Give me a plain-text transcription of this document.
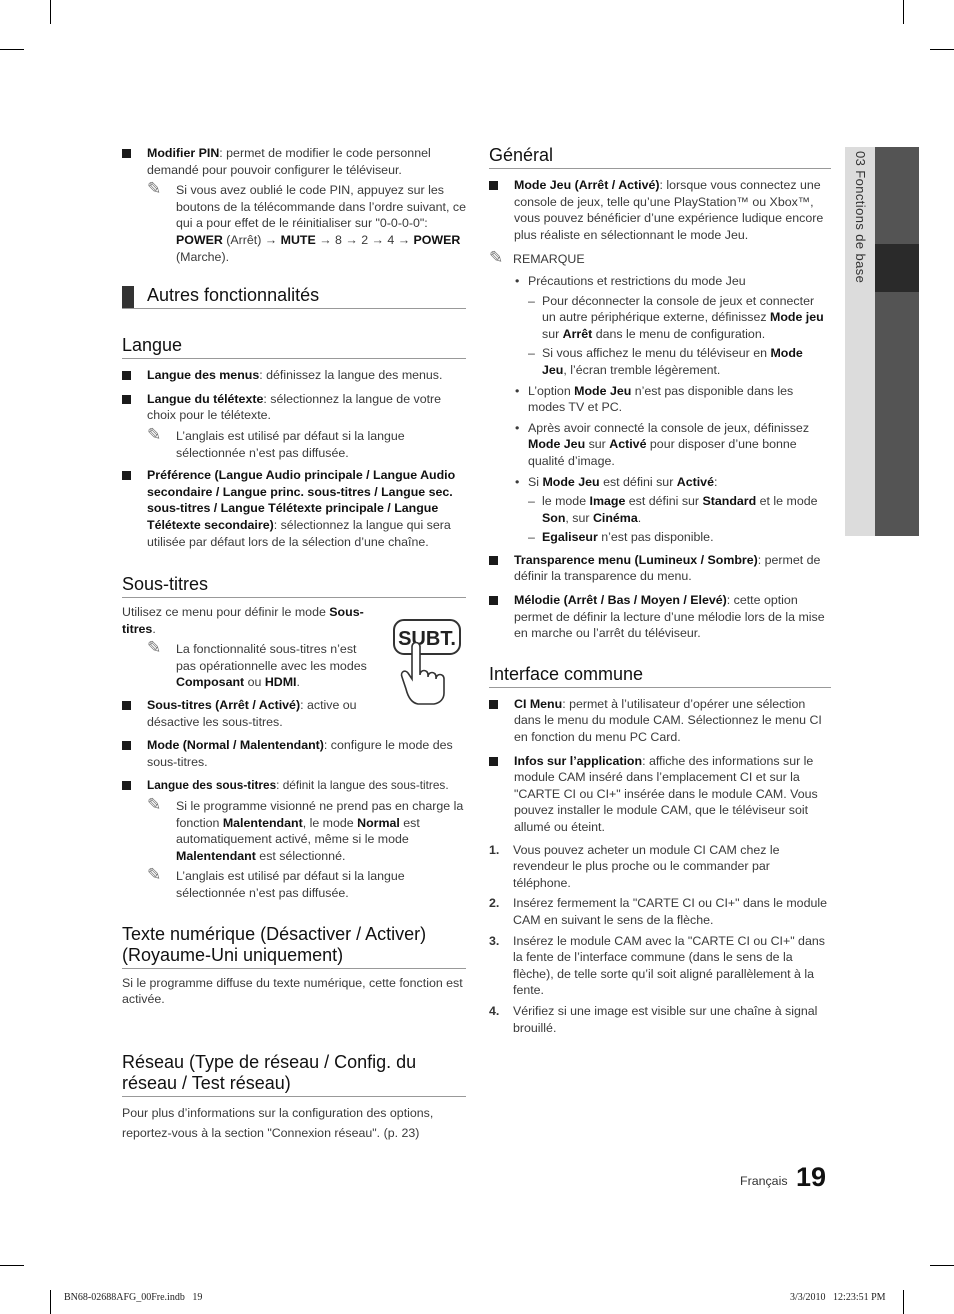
03 Fonctions de base

Modifier PIN: permet de modifier le code personnel demandé pour pouvoir configurer le téléviseur.

✎ Si vous avez oublié le code PIN, appuyez sur les boutons de la télécommande dans l’ordre suivant, ce qui a pour effet de le réinitialiser sur "0-0-0-0": POWER (Arrêt) → MUTE → 8 → 2 → 4 → POWER (Marche).

Autres fonctionnalités
Langue

Langue des menus: définissez la langue des menus.

Langue du télétexte: sélectionnez la langue de votre choix pour le télétexte.

✎ L’anglais est utilisé par défaut si la langue sélectionnée n’est pas diffusée.

Préférence (Langue Audio principale / Langue Audio secondaire / Langue princ. sous-titres / Langue sec. sous-titres / Langue Télétexte principale / Langue Télétexte secondaire): sélectionnez la langue qui sera utilisée par défaut lors de la sélection d’une chaîne.

Sous-titres

Utilisez ce menu pour définir le mode Sous-titres.

✎ La fonctionnalité sous-titres n’est pas opérationnelle avec les modes Composant ou HDMI.

Sous-titres (Arrêt / Activé): active ou désactive les sous-titres.

Mode (Normal / Malentendant): configure le mode des sous-titres.

Langue des sous-titres: définit la langue des sous-titres.

✎ Si le programme visionné ne prend pas en charge la fonction Malentendant, le mode Normal est automatiquement activé, même si le mode Malentendant est sélectionné.

✎ L’anglais est utilisé par défaut si la langue sélectionnée n’est pas diffusée.

Texte numérique (Désactiver / Activer) (Royaume-Uni uniquement)

Si le programme diffuse du texte numérique, cette fonction est activée.

Réseau (Type de réseau / Config. du réseau / Test réseau)

Pour plus d’informations sur la configuration des options, reportez-vous à la section "Connexion réseau". (p. 23)

SUBT.
Général

Mode Jeu (Arrêt / Activé): lorsque vous connectez une console de jeux, telle qu’une PlayStation™ ou Xbox™, vous pouvez bénéficier d’une expérience ludique encore plus réaliste en sélectionnant le mode Jeu.

✎ REMARQUE

• Précautions et restrictions du mode Jeu

– Pour déconnecter la console de jeux et connecter un autre périphérique externe, définissez Mode jeu sur Arrêt dans le menu de configuration.

– Si vous affichez le menu du téléviseur en Mode Jeu, l’écran tremble légèrement.

• L’option Mode Jeu n’est pas disponible dans les modes TV et PC.

• Après avoir connecté la console de jeux, définissez Mode Jeu sur Activé pour disposer d’une bonne qualité d’image.

• Si Mode Jeu est défini sur Activé:

– le mode Image est défini sur Standard et le mode Son, sur Cinéma.

– Egaliseur n’est pas disponible.

Transparence menu (Lumineux / Sombre): permet de définir la transparence du menu.

Mélodie (Arrêt / Bas / Moyen / Elevé): cette option permet de définir la lecture d’une mélodie lors de la mise en marche ou l’arrêt du téléviseur.

Interface commune

CI Menu: permet à l’utilisateur d’opérer une sélection dans le menu du module CAM. Sélectionnez le menu CI en fonction du menu PC Card.

Infos sur l’application: affiche des informations sur le module CAM inséré dans l’emplacement CI et sur la "CARTE CI ou CI+" insérée dans le module CAM. Vous pouvez installer le module CAM, que le téléviseur soit allumé ou éteint.

1. Vous pouvez acheter un module CI CAM chez le revendeur le plus proche ou le commander par téléphone.

2. Insérez fermement la "CARTE CI ou CI+" dans le module CAM en suivant le sens de la flèche.

3. Insérez le module CAM avec la "CARTE CI ou CI+" dans la fente de l’interface commune (dans le sens de la flèche), de telle sorte qu’il soit aligné parallèlement à la fente.

4. Vérifiez si une image est visible sur une chaîne à signal brouillé.

Français 19
BN68-02688AFG_00Fre.indb   19	3/3/2010   12:23:51 PM
